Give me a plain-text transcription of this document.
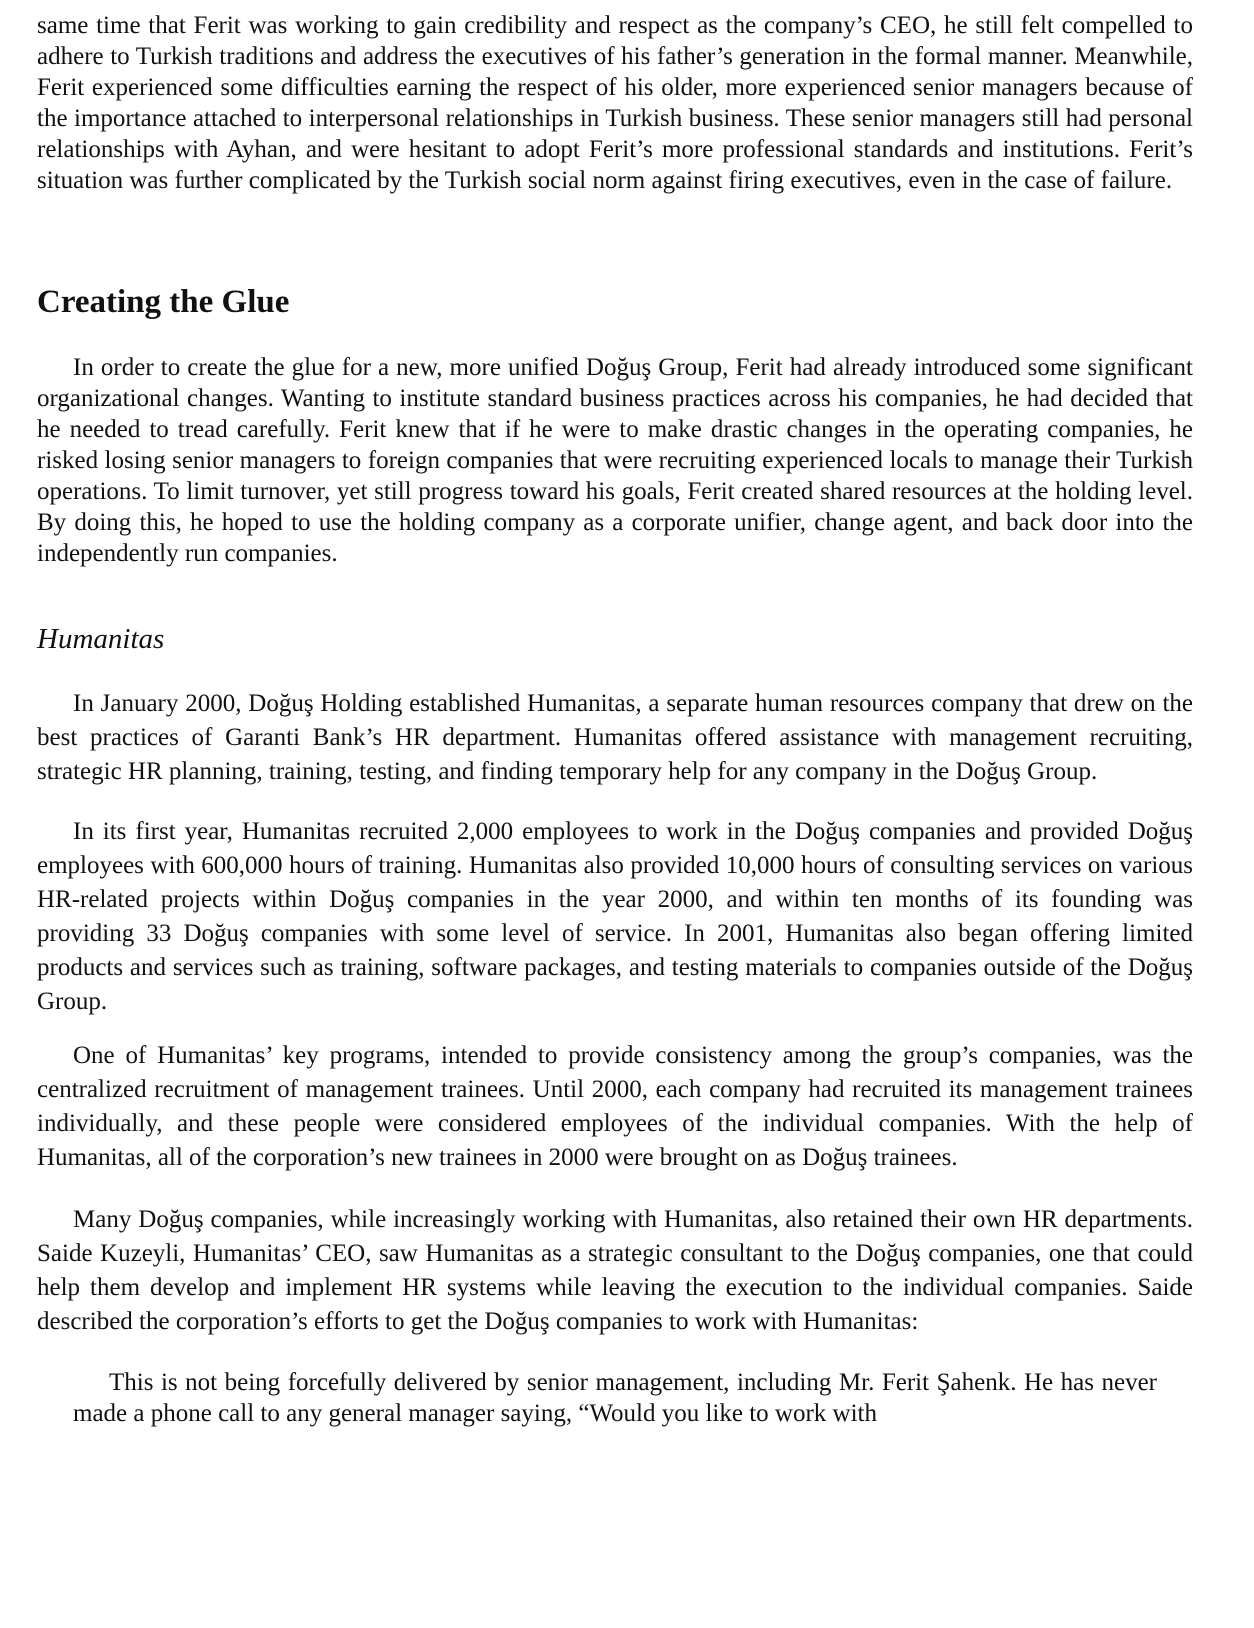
same time that Ferit was working to gain credibility and respect as the company’s CEO, he still felt compelled to adhere to Turkish traditions and address the executives of his father’s generation in the formal manner. Meanwhile, Ferit experienced some difficulties earning the respect of his older, more experienced senior managers because of the importance attached to interpersonal relationships in Turkish business. These senior managers still had personal relationships with Ayhan, and were hesitant to adopt Ferit’s more professional standards and institutions. Ferit’s situation was further complicated by the Turkish social norm against firing executives, even in the case of failure.

Creating the Glue

In order to create the glue for a new, more unified Doğuş Group, Ferit had already introduced some significant organizational changes. Wanting to institute standard business practices across his companies, he had decided that he needed to tread carefully. Ferit knew that if he were to make drastic changes in the operating companies, he risked losing senior managers to foreign companies that were recruiting experienced locals to manage their Turkish operations. To limit turnover, yet still progress toward his goals, Ferit created shared resources at the holding level. By doing this, he hoped to use the holding company as a corporate unifier, change agent, and back door into the independently run companies.

Humanitas

In January 2000, Doğuş Holding established Humanitas, a separate human resources company that drew on the best practices of Garanti Bank’s HR department. Humanitas offered assistance with management recruiting, strategic HR planning, training, testing, and finding temporary help for any company in the Doğuş Group.

In its first year, Humanitas recruited 2,000 employees to work in the Doğuş companies and provided Doğuş employees with 600,000 hours of training. Humanitas also provided 10,000 hours of consulting services on various HR-related projects within Doğuş companies in the year 2000, and within ten months of its founding was providing 33 Doğuş companies with some level of service. In 2001, Humanitas also began offering limited products and services such as training, software packages, and testing materials to companies outside of the Doğuş Group.

One of Humanitas’ key programs, intended to provide consistency among the group’s companies, was the centralized recruitment of management trainees. Until 2000, each company had recruited its management trainees individually, and these people were considered employees of the individual companies. With the help of Humanitas, all of the corporation’s new trainees in 2000 were brought on as Doğuş trainees.

Many Doğuş companies, while increasingly working with Humanitas, also retained their own HR departments. Saide Kuzeyli, Humanitas’ CEO, saw Humanitas as a strategic consultant to the Doğuş companies, one that could help them develop and implement HR systems while leaving the execution to the individual companies. Saide described the corporation’s efforts to get the Doğuş companies to work with Humanitas:

This is not being forcefully delivered by senior management, including Mr. Ferit Şahenk. He has never made a phone call to any general manager saying, “Would you like to work with
